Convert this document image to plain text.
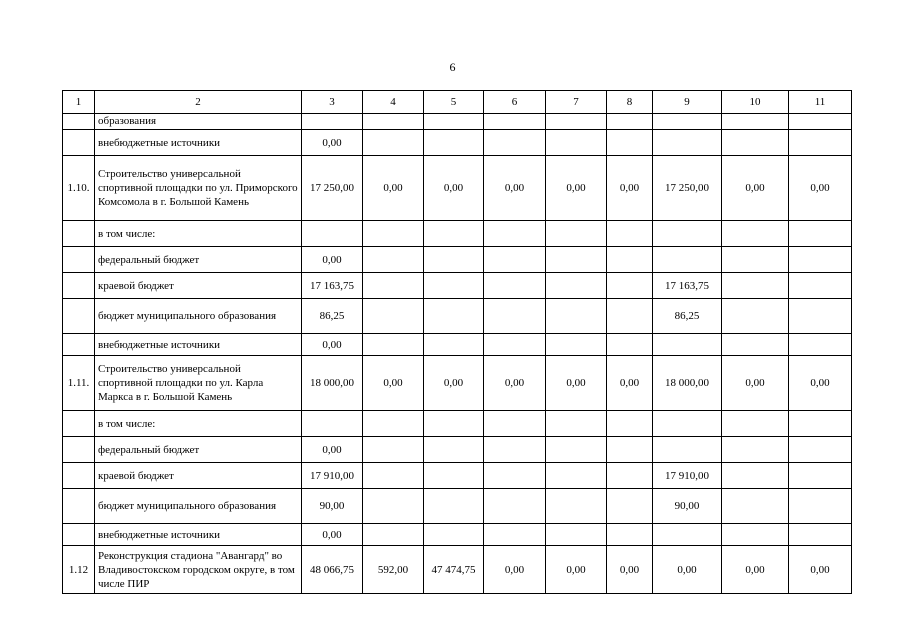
6
1	2	3	4	5	6	7	8	9	10	11
	образования									
	внебюджетные источники	0,00								
1.10.	Строительство универсальной спортивной площадки по ул. Приморского Комсомола в г. Большой Камень	17 250,00	0,00	0,00	0,00	0,00	0,00	17 250,00	0,00	0,00
	в том числе:									
	федеральный бюджет	0,00								
	краевой бюджет	17 163,75						17 163,75		
	бюджет муниципального образования	86,25						86,25		
	внебюджетные источники	0,00								
1.11.	Строительство универсальной спортивной площадки по ул. Карла Маркса в г. Большой Камень	18 000,00	0,00	0,00	0,00	0,00	0,00	18 000,00	0,00	0,00
	в том числе:									
	федеральный бюджет	0,00								
	краевой бюджет	17 910,00						17 910,00		
	бюджет муниципального образования	90,00						90,00		
	внебюджетные источники	0,00								
1.12	Реконструкция стадиона "Авангард" во Владивостокском городском округе, в том числе ПИР	48 066,75	592,00	47 474,75	0,00	0,00	0,00	0,00	0,00	0,00
